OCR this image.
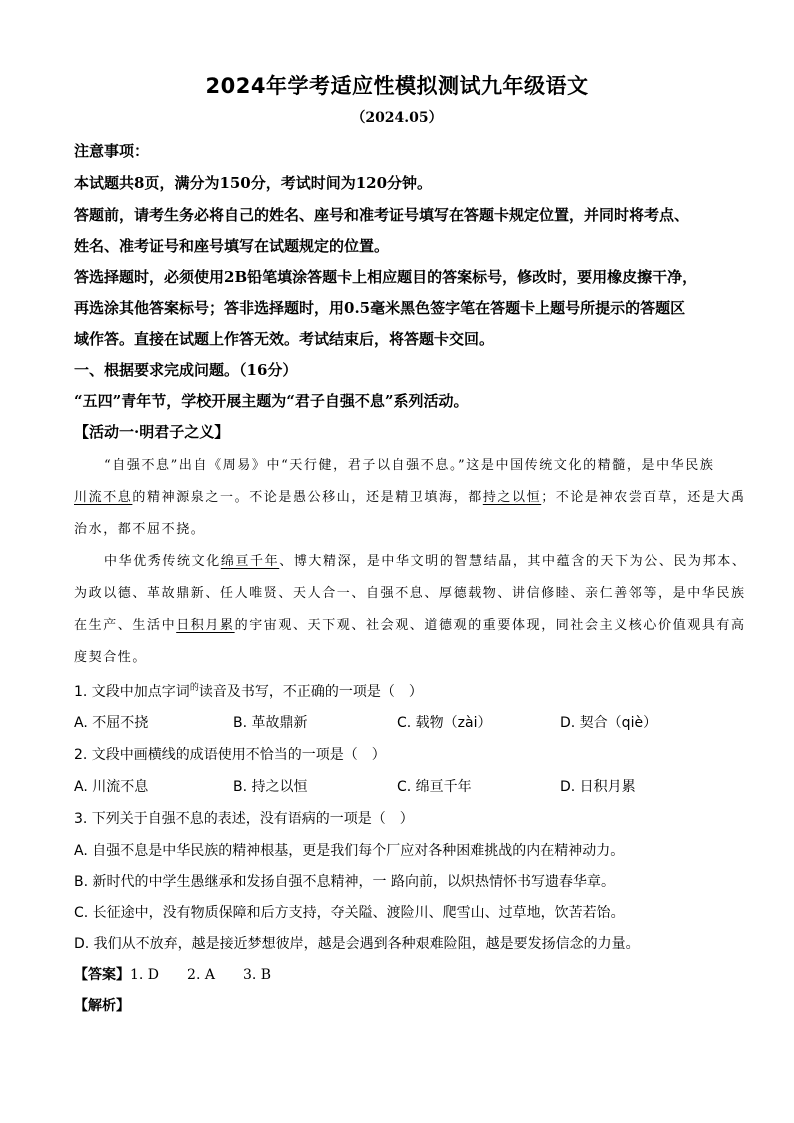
2024年学考适应性模拟测试九年级语文
（2024.05）
注意事项：
本试题共8页，满分为150分，考试时间为120分钟。
答题前，请考生务必将自己的姓名、座号和准考证号填写在答题卡规定位置，并同时将考点、
姓名、准考证号和座号填写在试题规定的位置。
答选择题时，必须使用2B铅笔填涂答题卡上相应题目的答案标号，修改时，要用橡皮擦干净，
再选涂其他答案标号；答非选择题时，用0.5毫米黑色签字笔在答题卡上题号所提示的答题区
域作答。直接在试题上作答无效。考试结束后，将答题卡交回。
一、根据要求完成问题。（16分）
“五四”青年节，学校开展主题为“君子自强不息”系列活动。
【活动一·明君子之义】
“自强不息”出自《周易》中“天行健，君子以自强不息。”这是中国传统文化的精髓，是中华民族
川流不息的精神源泉之一。不论是愚公移山，还是精卫填海，都持之以恒；不论是神农尝百草，还是大禹
治水，都不屈不挠。
中华优秀传统文化绵亘千年、博大精深，是中华文明的智慧结晶，其中蕴含的天下为公、民为邦本、
为政以德、革故鼎新、任人唯贤、天人合一、自强不息、厚德载物、讲信修睦、亲仁善邻等，是中华民族
在生产、生活中日积月累的宇宙观、天下观、社会观、道德观的重要体现，同社会主义核心价值观具有高
度契合性。
1. 文段中加点字词$^的$读音及书写，不正确的一项是（　）
A. 不屈不挠	B. 革故鼎新	C. 载物（zài）	D. 契合（qiè）
2. 文段中画横线的成语使用不恰当的一项是（　）
A. 川流不息	B. 持之以恒	C. 绵亘千年	D. 日积月累
3. 下列关于自强不息的表述，没有语病的一项是（　）
A. 自强不息是中华民族的精神根基，更是我们每个厂应对各种困难挑战的内在精神动力。
B. 新时代的中学生愚继承和发扬自强不息精神，一 路向前，以炽热情怀书写遗春华章。
C. 长征途中，没有物质保障和后方支持，夺关隘、渡险川、爬雪山、过草地，饮苦若饴。
D. 我们从不放弃，越是接近梦想彼岸，越是会遇到各种艰难险阻，越是要发扬信念的力量。
【答案】1. D　　2. A　　3. B
【解析】
